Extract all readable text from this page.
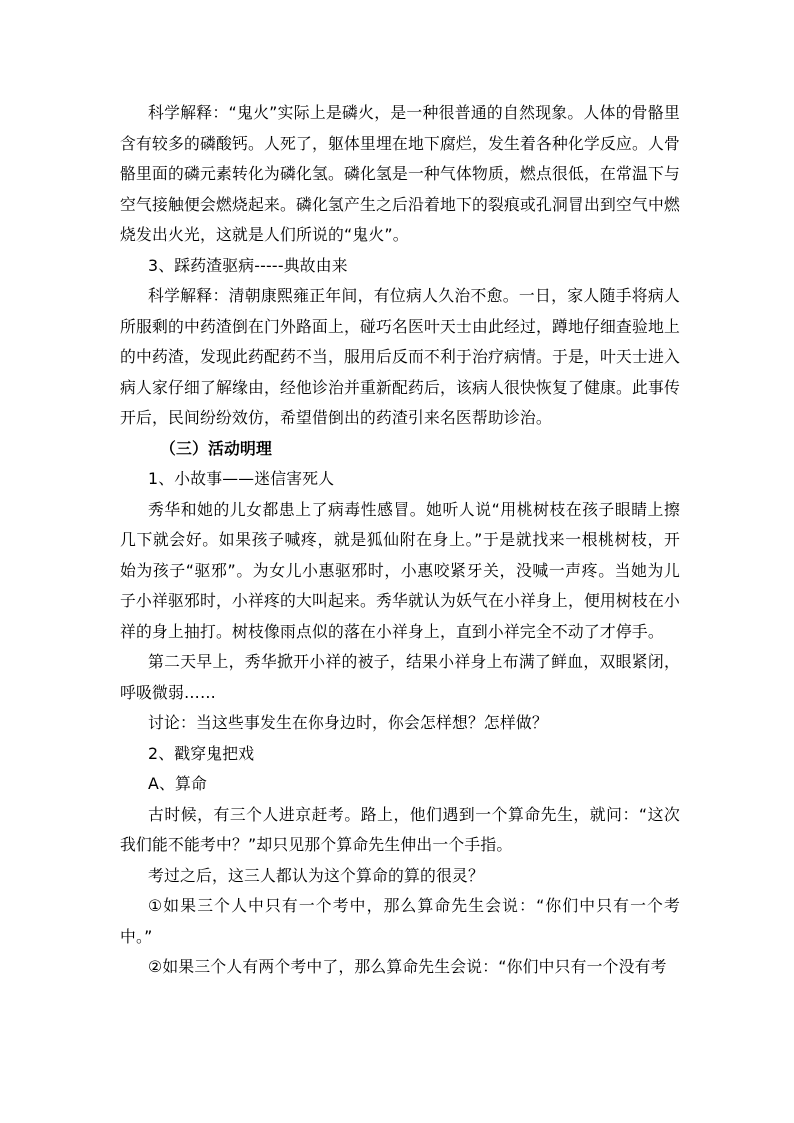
科学解释：“鬼火”实际上是磷火，是一种很普通的自然现象。人体的骨骼里含有较多的磷酸钙。人死了，躯体里埋在地下腐烂，发生着各种化学反应。人骨骼里面的磷元素转化为磷化氢。磷化氢是一种气体物质，燃点很低，在常温下与空气接触便会燃烧起来。磷化氢产生之后沿着地下的裂痕或孔洞冒出到空气中燃烧发出火光，这就是人们所说的“鬼火”。

3、踩药渣驱病-----典故由来

科学解释：清朝康熙雍正年间，有位病人久治不愈。一日，家人随手将病人所服剩的中药渣倒在门外路面上，碰巧名医叶天士由此经过，蹲地仔细查验地上的中药渣，发现此药配药不当，服用后反而不利于治疗病情。于是，叶天士进入病人家仔细了解缘由，经他诊治并重新配药后，该病人很快恢复了健康。此事传开后，民间纷纷效仿，希望借倒出的药渣引来名医帮助诊治。

（三）活动明理

1、小故事——迷信害死人

秀华和她的儿女都患上了病毒性感冒。她听人说“用桃树枝在孩子眼睛上擦几下就会好。如果孩子喊疼，就是狐仙附在身上。”于是就找来一根桃树枝，开始为孩子“驱邪”。为女儿小惠驱邪时，小惠咬紧牙关，没喊一声疼。当她为儿子小祥驱邪时，小祥疼的大叫起来。秀华就认为妖气在小祥身上，便用树枝在小祥的身上抽打。树枝像雨点似的落在小祥身上，直到小祥完全不动了才停手。

第二天早上，秀华掀开小祥的被子，结果小祥身上布满了鲜血，双眼紧闭，呼吸微弱……

讨论：当这些事发生在你身边时，你会怎样想？怎样做？

2、戳穿鬼把戏

A、算命

古时候，有三个人进京赶考。路上，他们遇到一个算命先生，就问：“这次我们能不能考中？”却只见那个算命先生伸出一个手指。

考过之后，这三人都认为这个算命的算的很灵？

①如果三个人中只有一个考中，那么算命先生会说：“你们中只有一个考中。”

②如果三个人有两个考中了，那么算命先生会说：“你们中只有一个没有考
